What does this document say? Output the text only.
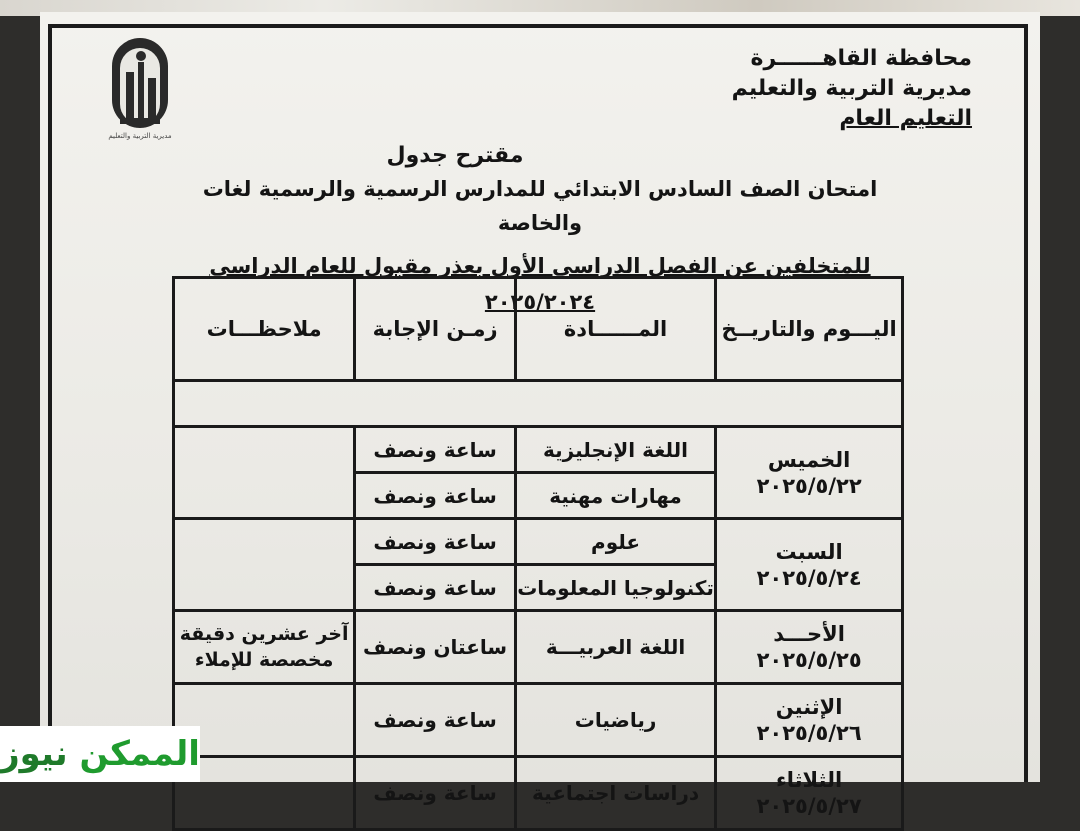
مديرية التربية والتعليم
محافظة القاهــــــرة
مديرية التربية والتعليم
التعليم العام
مقترح جدول
امتحان الصف السادس الابتدائي للمدارس الرسمية والرسمية لغات والخاصة
للمتخلفين عن الفصل الدراسي الأول بعذر مقبول للعام الدراسي ٢٠٢٥/٢٠٢٤
اليـــوم والتاريــخ	المــــــادة	زمـن الإجابة	ملاحظـــات

الخميس
٢٠٢٥/٥/٢٢	اللغة الإنجليزية	ساعة ونصف	
	مهارات مهنية	ساعة ونصف	

السبت
٢٠٢٥/٥/٢٤	علوم	ساعة ونصف	
	تكنولوجيا المعلومات	ساعة ونصف	

الأحـــد
٢٠٢٥/٥/٢٥	اللغة العربيـــة	ساعتان ونصف	آخر عشرين دقيقة مخصصة للإملاء

الإثنين
٢٠٢٥/٥/٢٦	رياضيات	ساعة ونصف	

الثلاثاء
٢٠٢٥/٥/٢٧	دراسات اجتماعية	ساعة ونصف	
الممكن نيوز
